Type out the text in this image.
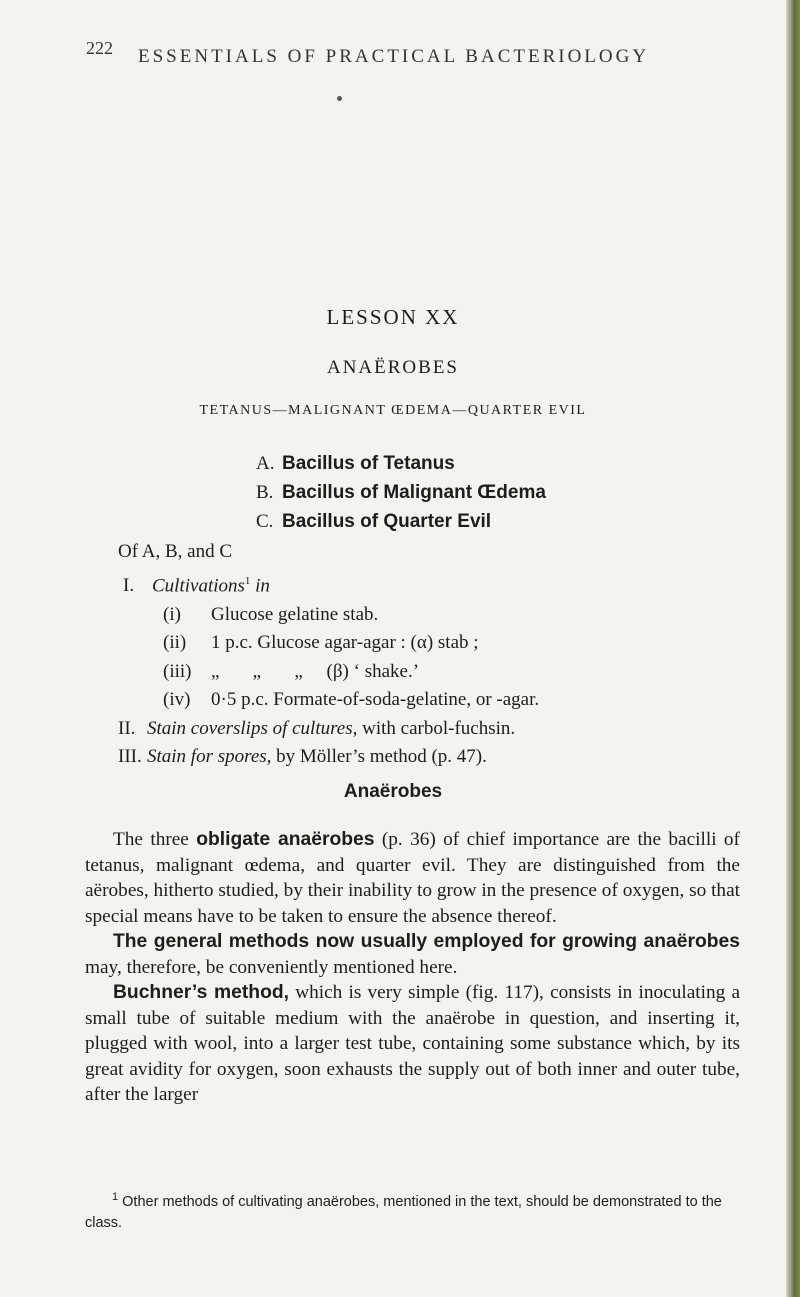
222 ESSENTIALS OF PRACTICAL BACTERIOLOGY
LESSON XX
ANAËROBES
TETANUS—MALIGNANT ŒDEMA—QUARTER EVIL
A. Bacillus of Tetanus
B. Bacillus of Malignant Œdema
C. Bacillus of Quarter Evil
Of A, B, and C
I. Cultivations$^1$ in
(i) Glucose gelatine stab.
(ii) 1 p.c. Glucose agar-agar : (α) stab ;
(iii) „       „       „     (β) ‘ shake.’
(iv) 0·5 p.c. Formate-of-soda-gelatine, or -agar.
II. Stain coverslips of cultures, with carbol-fuchsin.
III. Stain for spores, by Möller’s method (p. 47).
Anaërobes

The three obligate anaërobes (p. 36) of chief importance are the bacilli of tetanus, malignant œdema, and quarter evil. They are distinguished from the aërobes, hitherto studied, by their inability to grow in the presence of oxygen, so that special means have to be taken to ensure the absence thereof.

The general methods now usually employed for growing anaërobes may, therefore, be conveniently mentioned here.

Buchner’s method, which is very simple (fig. 117), consists in inoculating a small tube of suitable medium with the anaërobe in question, and inserting it, plugged with wool, into a larger test tube, containing some substance which, by its great avidity for oxygen, soon exhausts the supply out of both inner and outer tube, after the larger

$^1$ Other methods of cultivating anaërobes, mentioned in the text, should be demonstrated to the class.
